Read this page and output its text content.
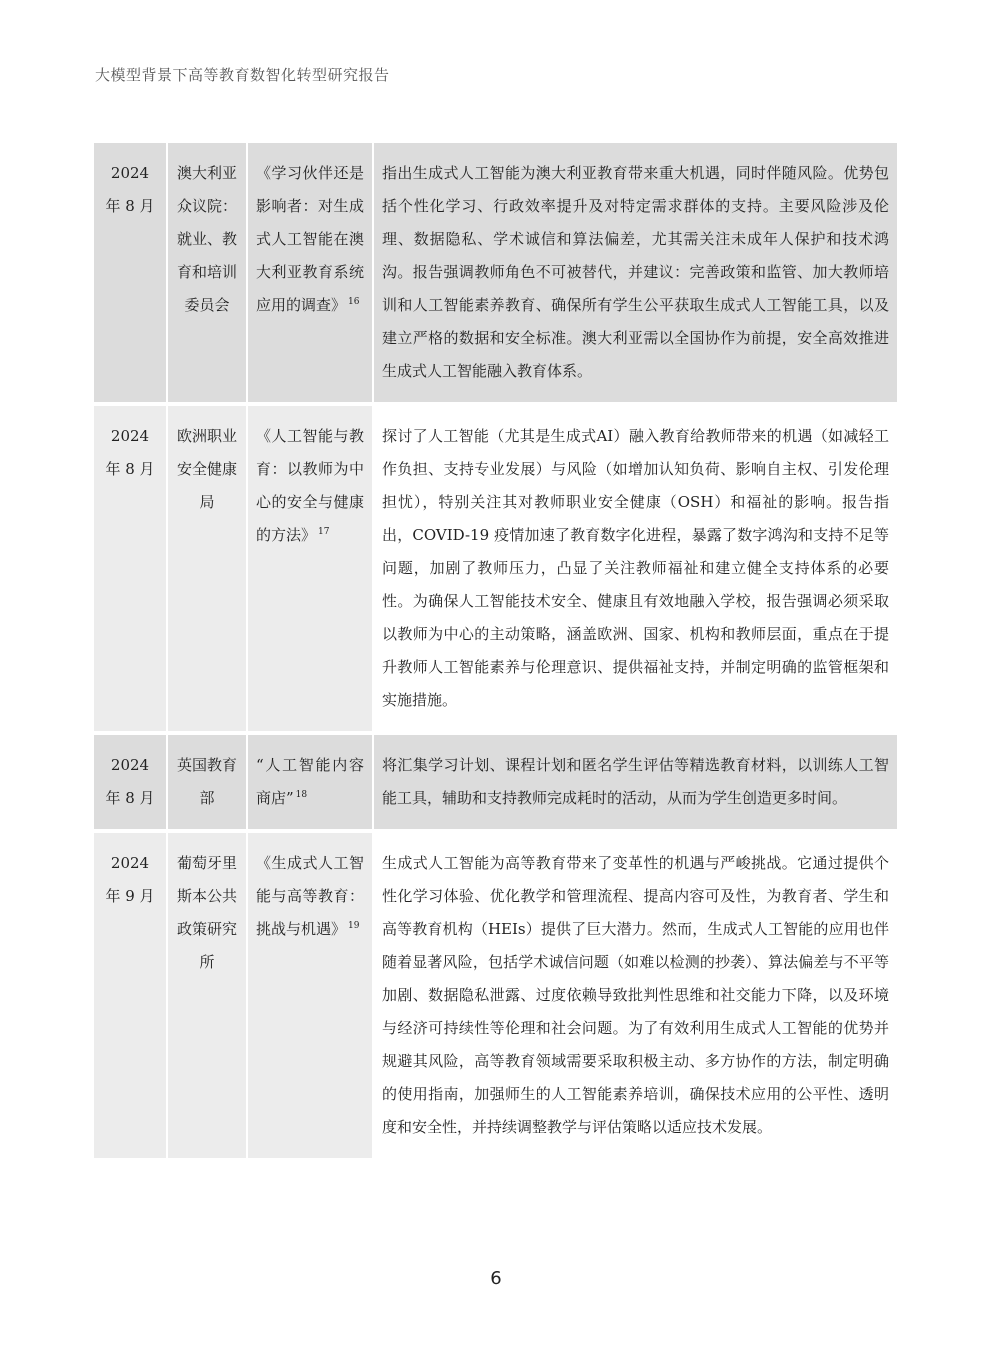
大模型背景下高等教育数智化转型研究报告
2024 年 8 月	澳大利亚众议院：就业、教育和培训委员会	《学习伙伴还是影响者：对生成式人工智能在澳大利亚教育系统应用的调查》 $^{16}$	指出生成式人工智能为澳大利亚教育带来重大机遇，同时伴随风险。优势包括个性化学习、行政效率提升及对特定需求群体的支持。主要风险涉及伦理、数据隐私、学术诚信和算法偏差，尤其需关注未成年人保护和技术鸿沟。报告强调教师角色不可被替代，并建议：完善政策和监管、加大教师培训和人工智能素养教育、确保所有学生公平获取生成式人工智能工具，以及建立严格的数据和安全标准。澳大利亚需以全国协作为前提，安全高效推进生成式人工智能融入教育体系。
2024 年 8 月	欧洲职业安全健康局	《人工智能与教育：以教师为中心的安全与健康的方法》 $^{17}$	探讨了人工智能（尤其是生成式AI）融入教育给教师带来的机遇（如减轻工作负担、支持专业发展）与风险（如增加认知负荷、影响自主权、引发伦理担忧），特别关注其对教师职业安全健康（OSH）和福祉的影响。报告指出，COVID-19 疫情加速了教育数字化进程，暴露了数字鸿沟和支持不足等问题，加剧了教师压力，凸显了关注教师福祉和建立健全支持体系的必要性。为确保人工智能技术安全、健康且有效地融入学校，报告强调必须采取以教师为中心的主动策略，涵盖欧洲、国家、机构和教师层面，重点在于提升教师人工智能素养与伦理意识、提供福祉支持，并制定明确的监管框架和实施措施。
2024 年 8 月	英国教育部	“人工智能内容商店” $^{18}$	将汇集学习计划、课程计划和匿名学生评估等精选教育材料，以训练人工智能工具，辅助和支持教师完成耗时的活动，从而为学生创造更多时间。
2024 年 9 月	葡萄牙里斯本公共政策研究所	《生成式人工智能与高等教育：挑战与机遇》 $^{19}$	生成式人工智能为高等教育带来了变革性的机遇与严峻挑战。它通过提供个性化学习体验、优化教学和管理流程、提高内容可及性，为教育者、学生和高等教育机构（HEIs）提供了巨大潜力。然而，生成式人工智能的应用也伴随着显著风险，包括学术诚信问题（如难以检测的抄袭）、算法偏差与不平等加剧、数据隐私泄露、过度依赖导致批判性思维和社交能力下降，以及环境与经济可持续性等伦理和社会问题。为了有效利用生成式人工智能的优势并规避其风险，高等教育领域需要采取积极主动、多方协作的方法，制定明确的使用指南，加强师生的人工智能素养培训，确保技术应用的公平性、透明度和安全性，并持续调整教学与评估策略以适应技术发展。
6
